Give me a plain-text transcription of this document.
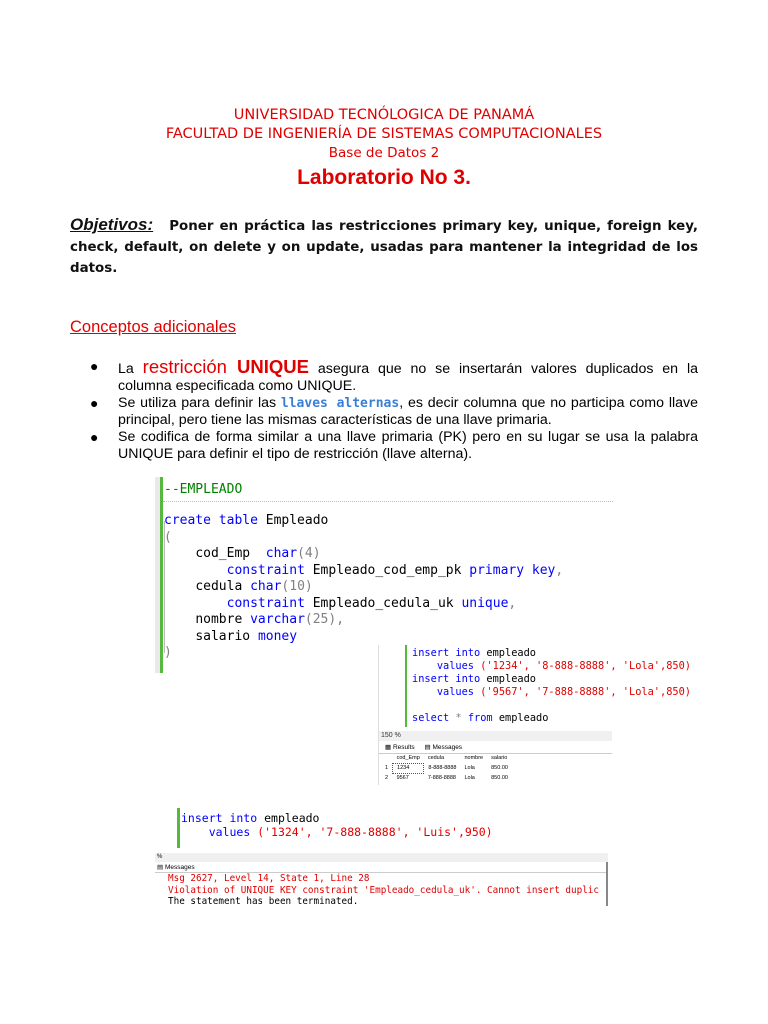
UNIVERSIDAD TECNÓLOGICA DE PANAMÁ
FACULTAD DE INGENIERÍA DE SISTEMAS COMPUTACIONALES
Base de Datos 2
Laboratorio No 3.
Objetivos: Poner en práctica las restricciones primary key, unique, foreign key, check, default, on delete y on update, usadas para mantener la integridad de los datos.
Conceptos adicionales
● La restricción UNIQUE asegura que no se insertarán valores duplicados en la columna especificada como UNIQUE.
● Se utiliza para definir las llaves alternas, es decir columna que no participa como llave principal, pero tiene las mismas características de una llave primaria.
● Se codifica de forma similar a una llave primaria (PK) pero en su lugar se usa la palabra UNIQUE para definir el tipo de restricción (llave alterna).
--EMPLEADO
create table Empleado
(
cod_Emp char(4)
constraint Empleado_cod_emp_pk primary key,
cedula char(10)
constraint Empleado_cedula_uk unique,
nombre varchar(25),
salario money
)	insert into empleado
values ('1234', '8-888-8888', 'Lola',850)
insert into empleado
values ('9567', '7-888-8888', 'Lola',850)

select * from empleado
150 %
▦ Results ▤ Messages
	cod_Emp	cedula	nombre	salario
1	1234	8-888-8888	Lola	850.00
2	9567	7-888-8888	Lola	850.00
insert into empleado
values ('1324', '7-888-8888', 'Luis',950)
%
▤ Messages
Msg 2627, Level 14, State 1, Line 28
Violation of UNIQUE KEY constraint 'Empleado_cedula_uk'. Cannot insert duplic
The statement has been terminated.
